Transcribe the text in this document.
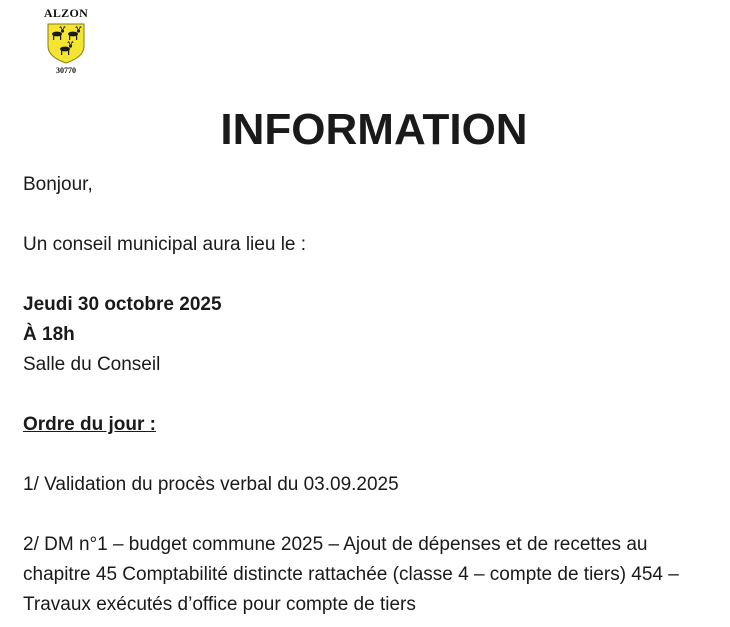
ALZON
30770
INFORMATION

Bonjour,

Un conseil municipal aura lieu le :

Jeudi 30 octobre 2025

À 18h

Salle du Conseil

Ordre du jour :

1/ Validation du procès verbal du 03.09.2025

2/ DM n°1 – budget commune 2025 – Ajout de dépenses et de recettes au chapitre 45 Comptabilité distincte rattachée (classe 4 – compte de tiers) 454 – Travaux exécutés d’office pour compte de tiers
